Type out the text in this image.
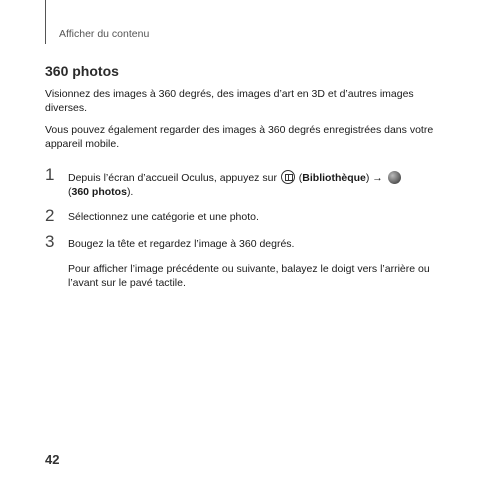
Afficher du contenu
360 photos
Visionnez des images à 360 degrés, des images d’art en 3D et d’autres images diverses.
Vous pouvez également regarder des images à 360 degrés enregistrées dans votre appareil mobile.
1 Depuis l’écran d’accueil Oculus, appuyez sur (Bibliothèque) →
(360 photos).
2 Sélectionnez une catégorie et une photo.
3 Bougez la tête et regardez l’image à 360 degrés.
Pour afficher l’image précédente ou suivante, balayez le doigt vers l’arrière ou l’avant sur le pavé tactile.
42
